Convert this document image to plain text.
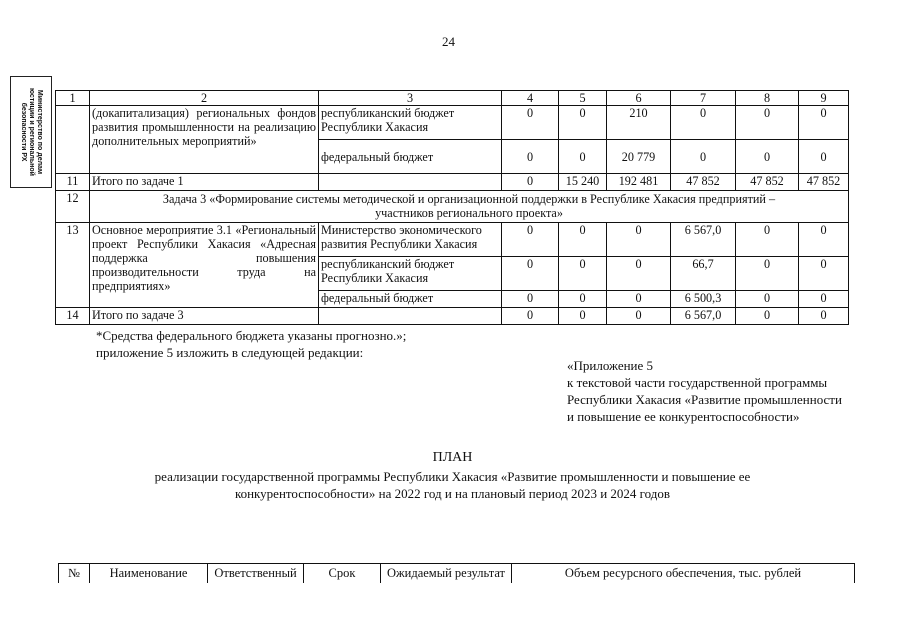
24
Министерство по делам юстиции и региональной безопасности РХ
1	2	3	4	5	6	7	8	9
	(докапитализация) региональных фондов развития промышленности на реализацию дополнительных мероприятий»	республиканский бюджет Республики Хакасия	0	0	210	0	0	0
		федеральный бюджет	0	0	20 779	0	0	0
11	Итого по задаче 1		0	15 240	192 481	47 852	47 852	47 852
12	Задача 3 «Формирование системы методической и организационной поддержки в Республике Хакасия предприятий – участников регионального проекта»							
13	Основное мероприятие 3.1 «Региональный проект Республики Хакасия «Адресная поддержка повышения производительности труда на предприятиях»	Министерство экономического развития Республики Хакасия	0	0	0	6 567,0	0	0
		республиканский бюджет Республики Хакасия	0	0	0	66,7	0	0
		федеральный бюджет	0	0	0	6 500,3	0	0
14	Итого по задаче 3		0	0	0	6 567,0	0	0
*Средства федерального бюджета указаны прогнозно.»;
приложение 5 изложить в следующей редакции:
«Приложение 5
к текстовой части государственной программы
Республики Хакасия «Развитие промышленности
и повышение ее конкурентоспособности»
ПЛАН
реализации государственной программы Республики Хакасия «Развитие промышленности и повышение ее
конкурентоспособности» на 2022 год и на плановый период 2023 и 2024 годов
№	Наименование	Ответственный	Срок	Ожидаемый результат	Объем ресурсного обеспечения, тыс. рублей
